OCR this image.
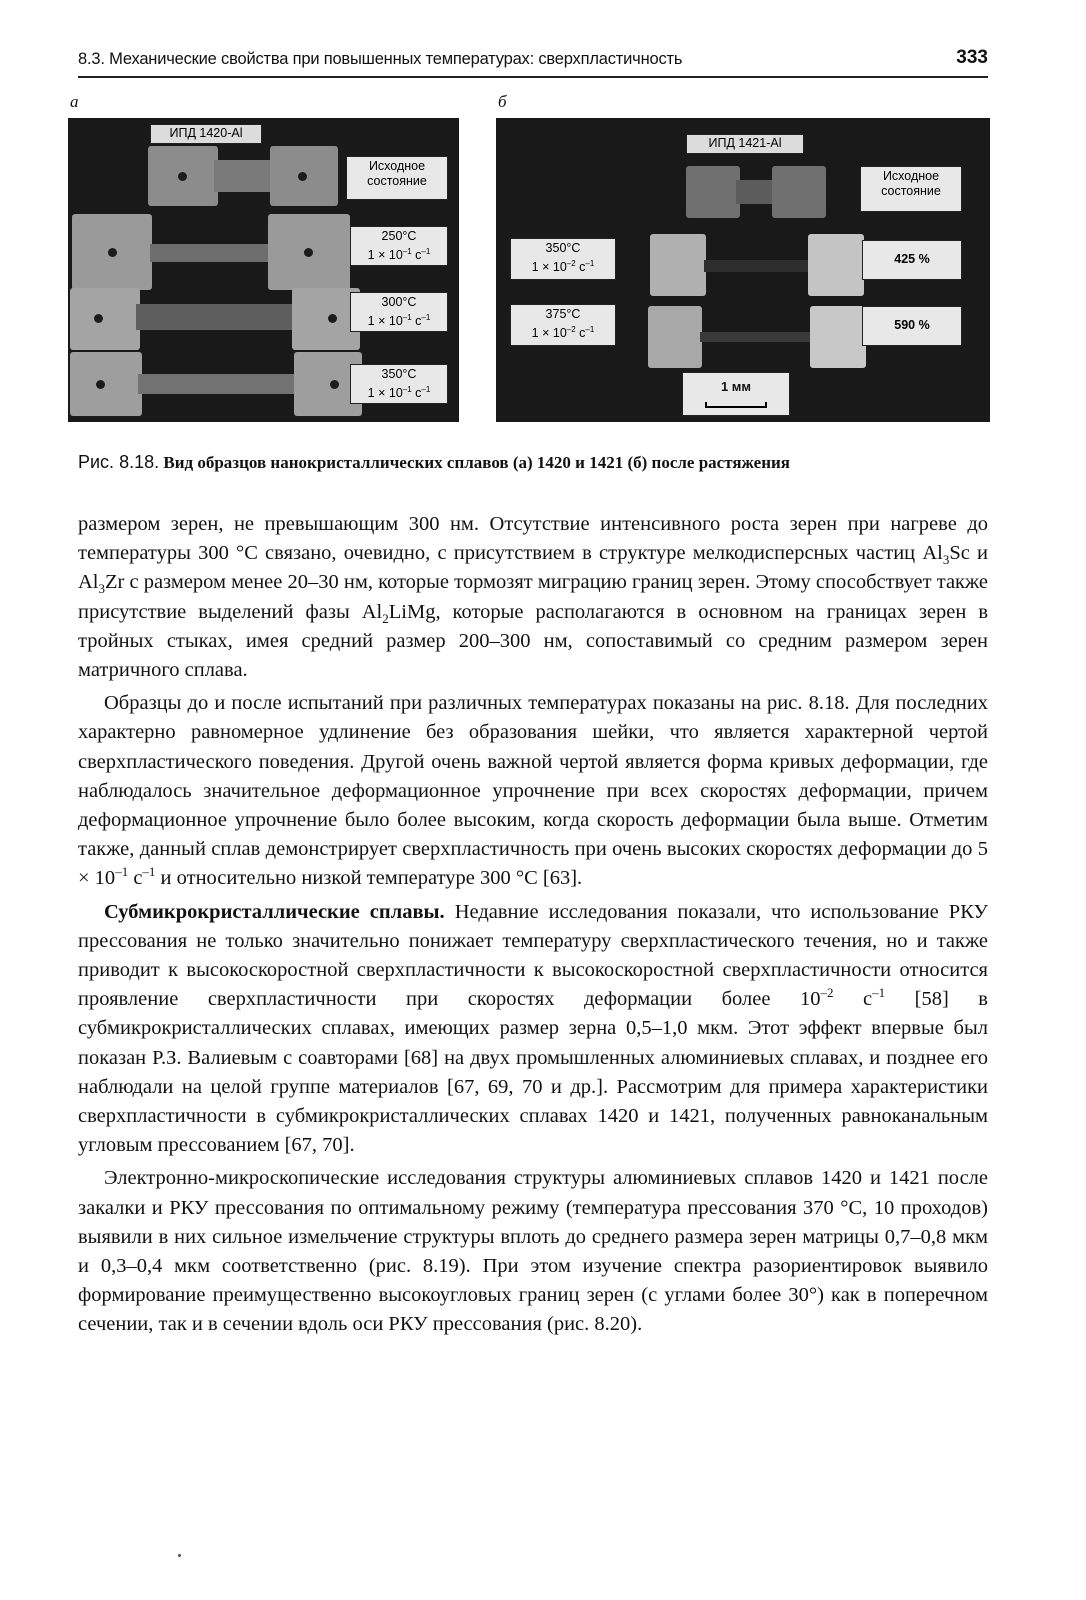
8.3. Механические свойства при повышенных температурах: сверхпластичность	333
а	б
ИПД 1420-Al
Исходное
состояние
250°C
$1 \times 10^{-1}$ $c^{-1}$
300°C
$1 \times 10^{-1}$ $c^{-1}$
350°C
$1 \times 10^{-1}$ $c^{-1}$
ИПД 1421-Al
Исходное
состояние
350°C
$1 \times 10^{-2}$ $c^{-1}$
375°C
$1 \times 10^{-2}$ $c^{-1}$
425 %
590 %
1 мм
Рис. 8.18. Вид образцов нанокристаллических сплавов (а) 1420 и 1421 (б) после растяжения

размером зерен, не превышающим 300 нм. Отсутствие интенсивного роста зерен при нагреве до температуры 300 °С связано, очевидно, с присутствием в структуре мелкодисперсных частиц $Al_3Sc$ и $Al_3Zr$ с размером менее 20–30 нм, которые тормозят миграцию границ зерен. Этому способствует также присутствие выделений фазы $Al_2LiMg$, которые располагаются в основном на границах зерен в тройных стыках, имея средний размер 200–300 нм, сопоставимый со средним размером зерен матричного сплава.

Образцы до и после испытаний при различных температурах показаны на рис. 8.18. Для последних характерно равномерное удлинение без образования шейки, что является характерной чертой сверхпластического поведения. Другой очень важной чертой является форма кривых деформации, где наблюдалось значительное деформационное упрочнение при всех скоростях деформации, причем деформационное упрочнение было более высоким, когда скорость деформации была выше. Отметим также, данный сплав демонстрирует сверхпластичность при очень высоких скоростях деформации до $5 \times 10^{-1}$ $с^{-1}$ и относительно низкой температуре 300 °С [63].

Субмикрокристаллические сплавы. Недавние исследования показали, что использование РКУ прессования не только значительно понижает температуру сверхпластического течения, но и также приводит к высокоскоростной сверхпластичности к высокоскоростной сверхпластичности относится проявление сверхпластичности при скоростях деформации более $10^{-2}$ $с^{-1}$ [58] в субмикрокристаллических сплавах, имеющих размер зерна 0,5–1,0 мкм. Этот эффект впервые был показан Р.З. Валиевым с соавторами [68] на двух промышленных алюминиевых сплавах, и позднее его наблюдали на целой группе материалов [67, 69, 70 и др.]. Рассмотрим для примера характеристики сверхпластичности в субмикрокристаллических сплавах 1420 и 1421, полученных равноканальным угловым прессованием [67, 70].

Электронно-микроскопические исследования структуры алюминиевых сплавов 1420 и 1421 после закалки и РКУ прессования по оптимальному режиму (температура прессования 370 °С, 10 проходов) выявили в них сильное измельчение структуры вплоть до среднего размера зерен матрицы 0,7–0,8 мкм и 0,3–0,4 мкм соответственно (рис. 8.19). При этом изучение спектра разориентировок выявило формирование преимущественно высокоугловых границ зерен (с углами более 30°) как в поперечном сечении, так и в сечении вдоль оси РКУ прессования (рис. 8.20).
